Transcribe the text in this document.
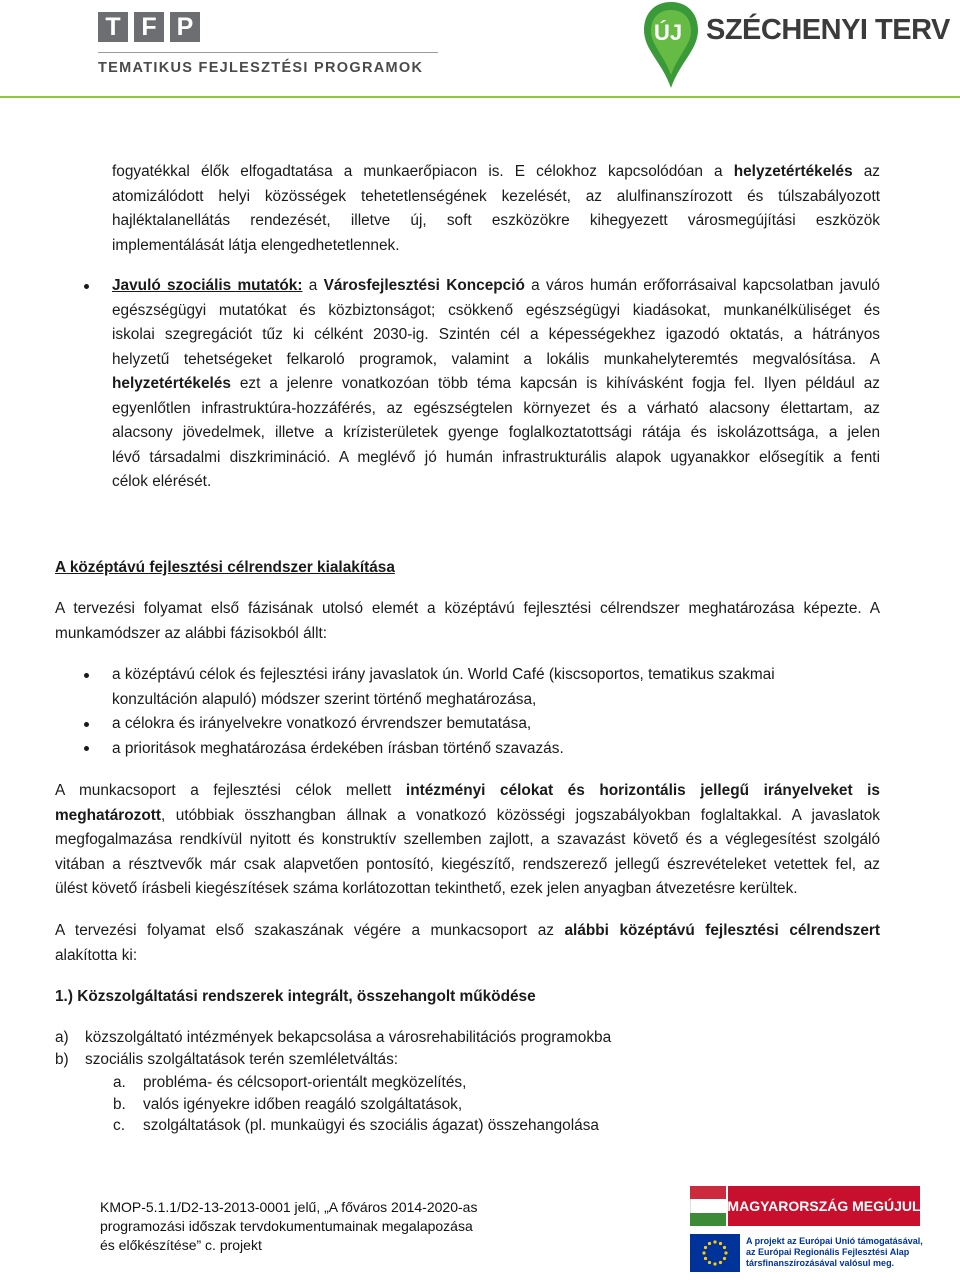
T F P
TEMATIKUS FEJLESZTÉSI PROGRAMOK
ÚJ SZÉCHENYI TERV
fogyatékkal élők elfogadtatása a munkaerőpiacon is. E célokhoz kapcsolódóan a helyzetértékelés az
atomizálódott helyi közösségek tehetetlenségének kezelését, az alulfinanszírozott és túlszabályozott
hajléktalanellátás rendezését, illetve új, soft eszközökre kihegyezett városmegújítási eszközök
implementálását látja elengedhetetlennek.
Javuló szociális mutatók: a Városfejlesztési Koncepció a város humán erőforrásaival kapcsolatban javuló
egészségügyi mutatókat és közbiztonságot; csökkenő egészségügyi kiadásokat, munkanélküliséget és
iskolai szegregációt tűz ki célként 2030-ig. Szintén cél a képességekhez igazodó oktatás, a hátrányos
helyzetű tehetségeket felkaroló programok, valamint a lokális munkahelyteremtés megvalósítása. A
helyzetértékelés ezt a jelenre vonatkozóan több téma kapcsán is kihívásként fogja fel. Ilyen például az
egyenlőtlen infrastruktúra-hozzáférés, az egészségtelen környezet és a várható alacsony élettartam, az
alacsony jövedelmek, illetve a krízisterületek gyenge foglalkoztatottsági rátája és iskolázottsága, a jelen
lévő társadalmi diszkrimináció. A meglévő jó humán infrastrukturális alapok ugyanakkor elősegítik a fenti
célok elérését.
A középtávú fejlesztési célrendszer kialakítása
A tervezési folyamat első fázisának utolsó elemét a középtávú fejlesztési célrendszer meghatározása képezte. A
munkamódszer az alábbi fázisokból állt:
a középtávú célok és fejlesztési irány javaslatok ún. World Café (kiscsoportos, tematikus szakmai
konzultáción alapuló) módszer szerint történő meghatározása,
a célokra és irányelvekre vonatkozó érvrendszer bemutatása,
a prioritások meghatározása érdekében írásban történő szavazás.
A munkacsoport a fejlesztési célok mellett intézményi célokat és horizontális jellegű irányelveket is
meghatározott, utóbbiak összhangban állnak a vonatkozó közösségi jogszabályokban foglaltakkal. A javaslatok
megfogalmazása rendkívül nyitott és konstruktív szellemben zajlott, a szavazást követő és a véglegesítést szolgáló
vitában a résztvevők már csak alapvetően pontosító, kiegészítő, rendszerező jellegű észrevételeket vetettek fel, az
ülést követő írásbeli kiegészítések száma korlátozottan tekinthető, ezek jelen anyagban átvezetésre kerültek.
A tervezési folyamat első szakaszának végére a munkacsoport az alábbi középtávú fejlesztési célrendszert
alakította ki:
1.) Közszolgáltatási rendszerek integrált, összehangolt működése
a) közszolgáltató intézmények bekapcsolása a városrehabilitációs programokba
b) szociális szolgáltatások terén szemléletváltás:
a. probléma- és célcsoport-orientált megközelítés,
b. valós igényekre időben reagáló szolgáltatások,
c. szolgáltatások (pl. munkaügyi és szociális ágazat) összehangolása
KMOP-5.1.1/D2-13-2013-0001 jelű, „A főváros 2014-2020-as
programozási időszak tervdokumentumainak megalapozása
és előkészítése” c. projekt
MAGYARORSZÁG MEGÚJUL
A projekt az Európai Unió támogatásával,
az Európai Regionális Fejlesztési Alap
társfinanszírozásával valósul meg.
